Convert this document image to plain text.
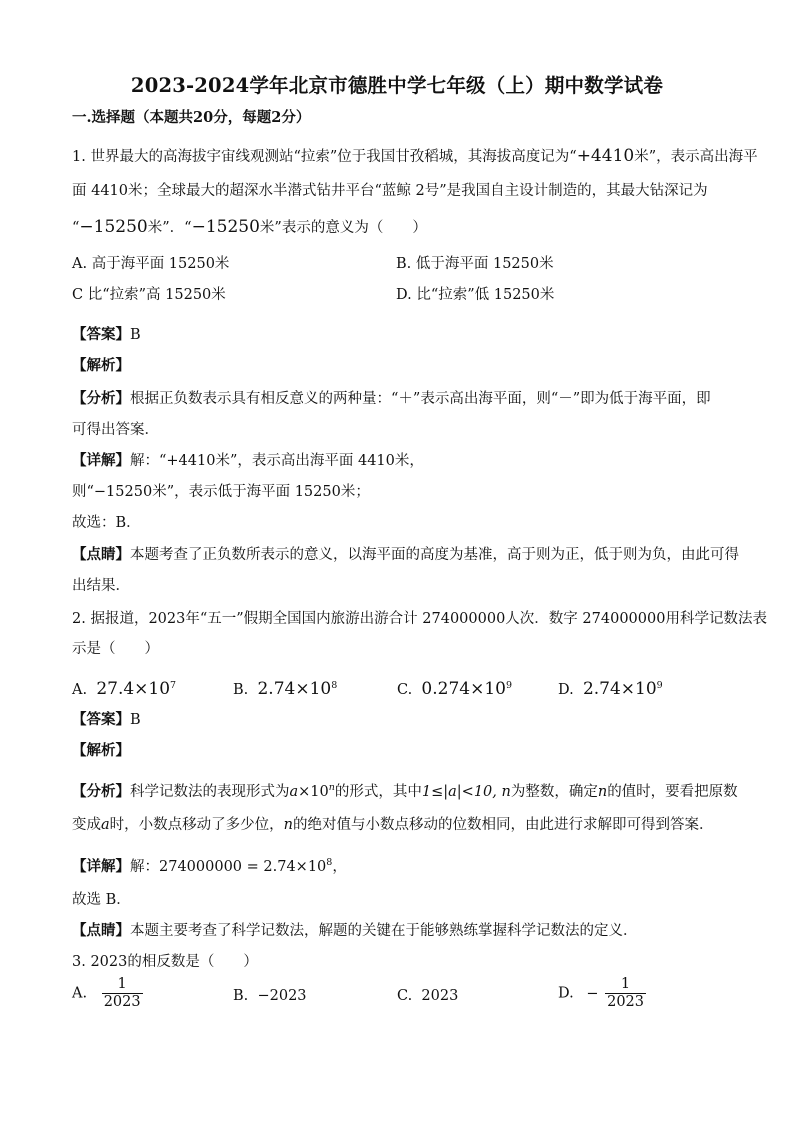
2023-2024学年北京市德胜中学七年级（上）期中数学试卷
一.选择题（本题共20分，每题2分）
1. 世界最大的高海拔宇宙线观测站“拉索”位于我国甘孜稻城，其海拔高度记为“+4410米”，表示高出海平
面 4410米；全球最大的超深水半潜式钻井平台“蓝鲸 2号”是我国自主设计制造的，其最大钻深记为
“−15250米”．“−15250米”表示的意义为（　　）
A. 高于海平面 15250米	B. 低于海平面 15250米
C 比“拉索”高 15250米	D. 比“拉索”低 15250米
【答案】B
【解析】
【分析】根据正负数表示具有相反意义的两种量：“＋”表示高出海平面，则“－”即为低于海平面，即
可得出答案．
【详解】解：“+4410米”，表示高出海平面 4410米，
则“−15250米”，表示低于海平面 15250米；
故选：B．
【点睛】本题考查了正负数所表示的意义，以海平面的高度为基准，高于则为正，低于则为负，由此可得
出结果．
2. 据报道，2023年“五一”假期全国国内旅游出游合计 274000000人次．数字 274000000用科学记数法表
示是（　　）
A. $27.4\times 10^7$	B. $2.74\times 10^8$	C. $0.274\times 10^9$	D. $2.74\times 10^9$
【答案】B
【解析】
【分析】科学记数法的表现形式为$a\times 10^n$的形式，其中1≤|a|<10, n为整数，确定n的值时，要看把原数
变成a时，小数点移动了多少位，n的绝对值与小数点移动的位数相同，由此进行求解即可得到答案．
【详解】解：$274000000 = 2.74\times 10^8$，
故选 B．
【点睛】本题主要考查了科学记数法，解题的关键在于能够熟练掌握科学记数法的定义．
3. 2023的相反数是（　　）
A. $\frac{1}{2023}$	B. −2023	C. 2023	D. − $\frac{1}{2023}$
